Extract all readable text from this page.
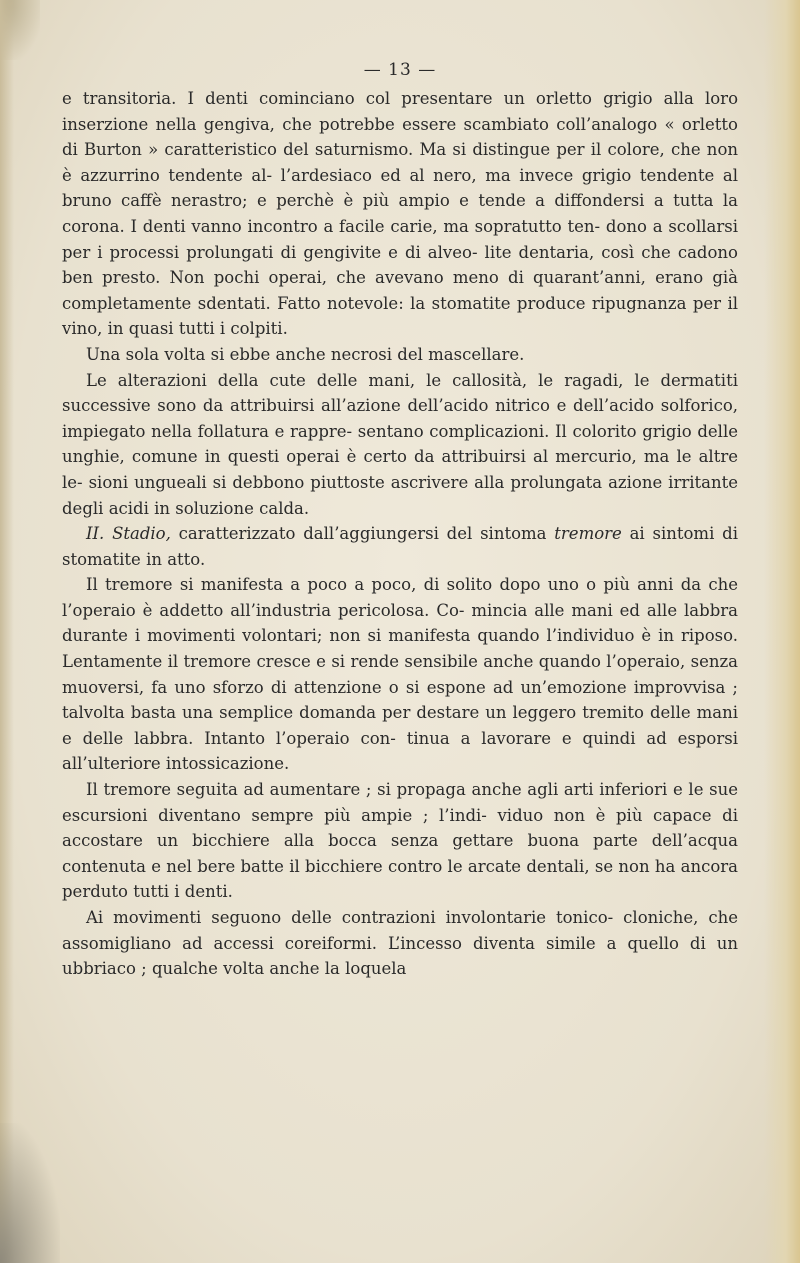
— 13 —

e transitoria. I denti cominciano col presentare un orletto grigio alla loro inserzione nella gengiva, che potrebbe essere scambiato coll’analogo « orletto di Burton » caratteristico del saturnismo. Ma si distingue per il colore, che non è azzurrino tendente al- l’ardesiaco ed al nero, ma invece grigio tendente al bruno caffè nerastro; e perchè è più ampio e tende a diffondersi a tutta la corona. I denti vanno incontro a facile carie, ma sopratutto ten- dono a scollarsi per i processi prolungati di gengivite e di alveo- lite dentaria, così che cadono ben presto. Non pochi operai, che avevano meno di quarant’anni, erano già completamente sdentati. Fatto notevole: la stomatite produce ripugnanza per il vino, in quasi tutti i colpiti.

Una sola volta si ebbe anche necrosi del mascellare.

Le alterazioni della cute delle mani, le callosità, le ragadi, le dermatiti successive sono da attribuirsi all’azione dell’acido nitrico e dell’acido solforico, impiegato nella follatura e rappre- sentano complicazioni. Il colorito grigio delle unghie, comune in questi operai è certo da attribuirsi al mercurio, ma le altre le- sioni ungueali si debbono piuttoste ascrivere alla prolungata azione irritante degli acidi in soluzione calda.

II. Stadio, caratterizzato dall’aggiungersi del sintoma tremore ai sintomi di stomatite in atto.

Il tremore si manifesta a poco a poco, di solito dopo uno o più anni da che l’operaio è addetto all’industria pericolosa. Co- mincia alle mani ed alle labbra durante i movimenti volontari; non si manifesta quando l’individuo è in riposo. Lentamente il tremore cresce e si rende sensibile anche quando l’operaio, senza muoversi, fa uno sforzo di attenzione o si espone ad un’emozione improvvisa ; talvolta basta una semplice domanda per destare un leggero tremito delle mani e delle labbra. Intanto l’operaio con- tinua a lavorare e quindi ad esporsi all’ulteriore intossicazione.

Il tremore seguita ad aumentare ; si propaga anche agli arti inferiori e le sue escursioni diventano sempre più ampie ; l’indi- viduo non è più capace di accostare un bicchiere alla bocca senza gettare buona parte dell’acqua contenuta e nel bere batte il bicchiere contro le arcate dentali, se non ha ancora perduto tutti i denti.

Ai movimenti seguono delle contrazioni involontarie tonico- cloniche, che assomigliano ad accessi coreiformi. L’incesso diventa simile a quello di un ubbriaco ; qualche volta anche la loquela
